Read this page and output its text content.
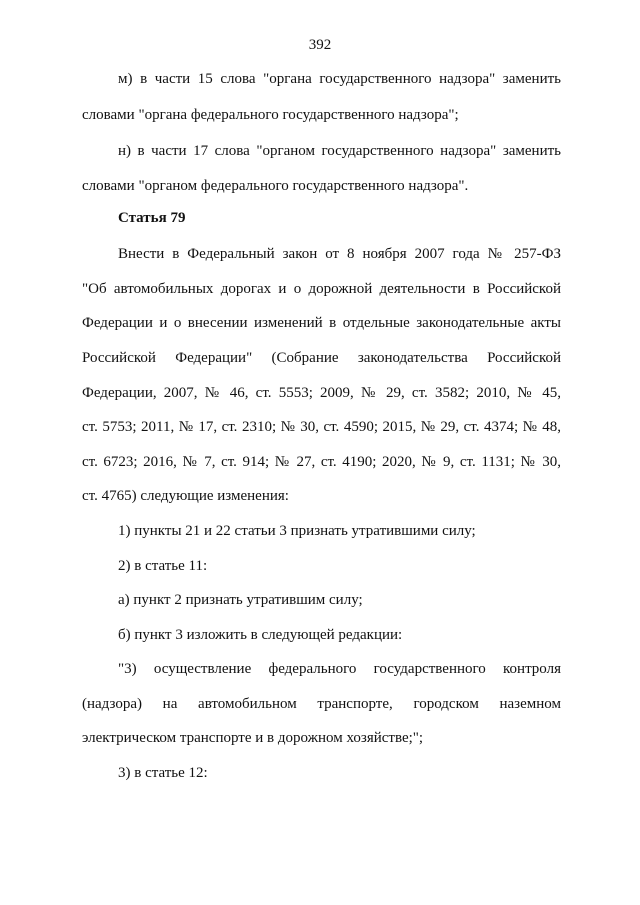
392
м) в части 15 слова "органа государственного надзора" заменить
словами "органа федерального государственного надзора";
н) в части 17 слова "органом государственного надзора" заменить
словами "органом федерального государственного надзора".
Статья 79
Внести в Федеральный закон от 8 ноября 2007 года № 257-ФЗ
"Об автомобильных дорогах и о дорожной деятельности в Российской
Федерации и о внесении изменений в отдельные законодательные акты
Российской Федерации" (Собрание законодательства Российской
Федерации, 2007, № 46, ст. 5553; 2009, № 29, ст. 3582; 2010, № 45,
ст. 5753; 2011, № 17, ст. 2310; № 30, ст. 4590; 2015, № 29, ст. 4374; № 48,
ст. 6723; 2016, № 7, ст. 914; № 27, ст. 4190; 2020, № 9, ст. 1131; № 30,
ст. 4765) следующие изменения:
1) пункты 21 и 22 статьи 3 признать утратившими силу;
2) в статье 11:
а) пункт 2 признать утратившим силу;
б) пункт 3 изложить в следующей редакции:
"3) осуществление федерального государственного контроля
(надзора) на автомобильном транспорте, городском наземном
электрическом транспорте и в дорожном хозяйстве;";
3) в статье 12:
